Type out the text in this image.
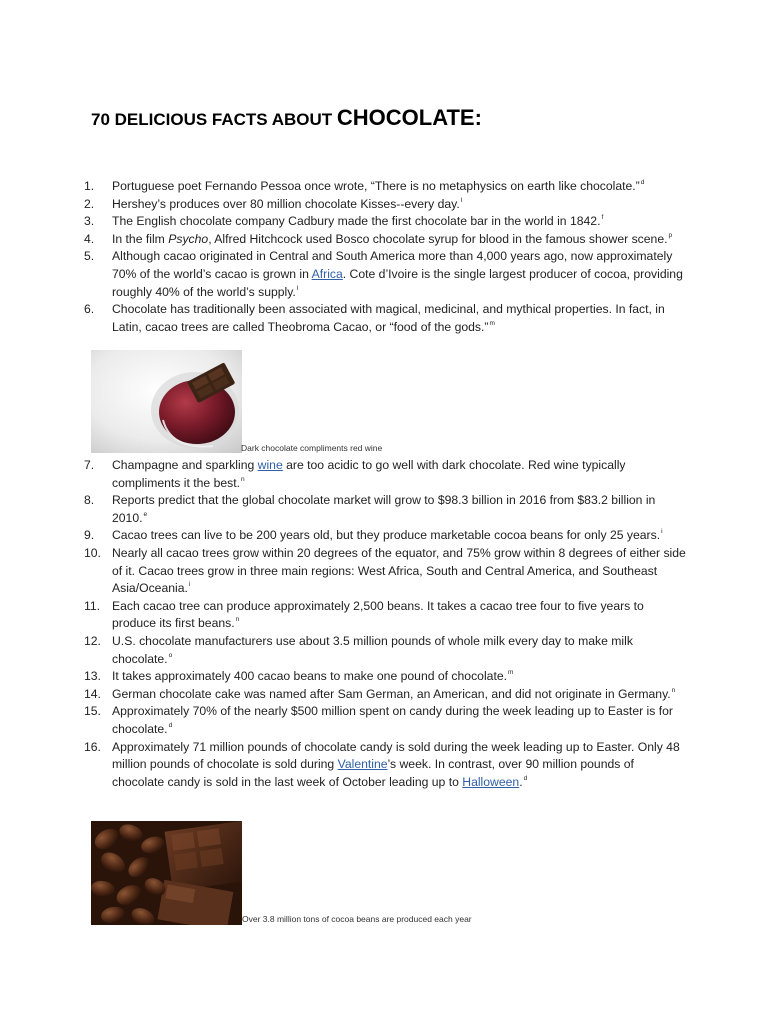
70 DELICIOUS FACTS ABOUT CHOCOLATE:
1.	Portuguese poet Fernando Pessoa once wrote, “There is no metaphysics on earth like chocolate.”$^d$
2.	Hershey’s produces over 80 million chocolate Kisses--every day.$^l$
3.	The English chocolate company Cadbury made the first chocolate bar in the world in 1842.$^f$
4.	In the film Psycho, Alfred Hitchcock used Bosco chocolate syrup for blood in the famous shower scene.$^p$
5.	Although cacao originated in Central and South America more than 4,000 years ago, now approximately 70% of the world’s cacao is grown in Africa. Cote d’Ivoire is the single largest producer of cocoa, providing roughly 40% of the world’s supply.$^l$
6.	Chocolate has traditionally been associated with magical, medicinal, and mythical properties. In fact, in Latin, cacao trees are called Theobroma Cacao, or “food of the gods.”$^m$
Dark chocolate compliments red wine
7.	Champagne and sparkling wine are too acidic to go well with dark chocolate. Red wine typically compliments it the best.$^n$
8.	Reports predict that the global chocolate market will grow to $98.3 billion in 2016 from $83.2 billion in 2010.$^e$
9.	Cacao trees can live to be 200 years old, but they produce marketable cocoa beans for only 25 years.$^i$
10. Nearly all cacao trees grow within 20 degrees of the equator, and 75% grow within 8 degrees of either side of it. Cacao trees grow in three main regions: West Africa, South and Central America, and Southeast Asia/Oceania.$^i$
11. Each cacao tree can produce approximately 2,500 beans. It takes a cacao tree four to five years to produce its first beans.$^n$
12. U.S. chocolate manufacturers use about 3.5 million pounds of whole milk every day to make milk chocolate.$^o$
13. It takes approximately 400 cacao beans to make one pound of chocolate.$^m$
14. German chocolate cake was named after Sam German, an American, and did not originate in Germany.$^n$
15. Approximately 70% of the nearly $500 million spent on candy during the week leading up to Easter is for chocolate.$^d$
16. Approximately 71 million pounds of chocolate candy is sold during the week leading up to Easter. Only 48 million pounds of chocolate is sold during Valentine’s week. In contrast, over 90 million pounds of chocolate candy is sold in the last week of October leading up to Halloween.$^d$
Over 3.8 million tons of cocoa beans are produced each year
